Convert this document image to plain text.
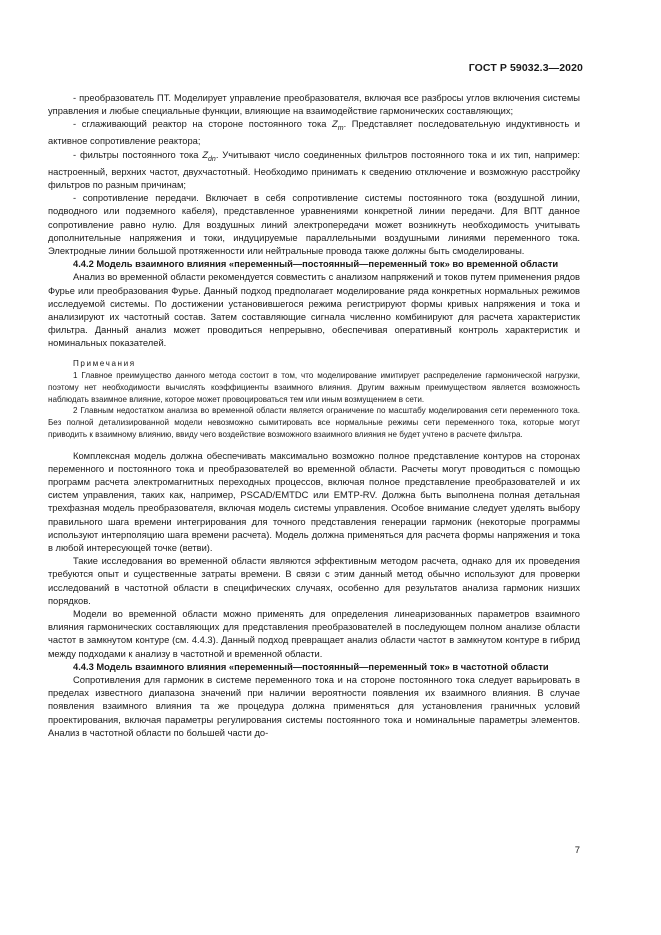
ГОСТ Р 59032.3—2020

- преобразователь ПТ. Моделирует управление преобразователя, включая все разбросы углов включения системы управления и любые специальные функции, влияющие на взаимодействие гармонических составляющих;

- сглаживающий реактор на стороне постоянного тока $Z_m$. Представляет последовательную индуктивность и активное сопротивление реактора;

- фильтры постоянного тока $Z_{dn}$. Учитывают число соединенных фильтров постоянного тока и их тип, например: настроенный, верхних частот, двухчастотный. Необходимо принимать к сведению отключение и возможную расстройку фильтров по разным причинам;

- сопротивление передачи. Включает в себя сопротивление системы постоянного тока (воздушной линии, подводного или подземного кабеля), представленное уравнениями конкретной линии передачи. Для ВПТ данное сопротивление равно нулю. Для воздушных линий электропередачи может возникнуть необходимость учитывать дополнительные напряжения и токи, индуцируемые параллельными воздушными линиями переменного тока. Электродные линии большой протяженности или нейтральные провода также должны быть смоделированы.

4.4.2 Модель взаимного влияния «переменный—постоянный—переменный ток» во временной области

Анализ во временной области рекомендуется совместить с анализом напряжений и токов путем применения рядов Фурье или преобразования Фурье. Данный подход предполагает моделирование ряда конкретных нормальных режимов исследуемой системы. По достижении установившегося режима регистрируют формы кривых напряжения и тока и анализируют их частотный состав. Затем составляющие сигнала численно комбинируют для расчета характеристик фильтра. Данный анализ может проводиться непрерывно, обеспечивая оперативный контроль характеристик и номинальных показателей.

Примечания

1 Главное преимущество данного метода состоит в том, что моделирование имитирует распределение гармонической нагрузки, поэтому нет необходимости вычислять коэффициенты взаимного влияния. Другим важным преимуществом является возможность наблюдать взаимное влияние, которое может провоцироваться тем или иным возмущением в сети.

2 Главным недостатком анализа во временной области является ограничение по масштабу моделирования сети переменного тока. Без полной детализированной модели невозможно сымитировать все нормальные режимы сети переменного тока, которые могут приводить к взаимному влиянию, ввиду чего воздействие возможного взаимного влияния не будет учтено в расчете фильтра.

Комплексная модель должна обеспечивать максимально возможно полное представление контуров на сторонах переменного и постоянного тока и преобразователей во временной области. Расчеты могут проводиться с помощью программ расчета электромагнитных переходных процессов, включая полное представление преобразователей и их систем управления, таких как, например, PSCAD/EMTDC или EMTP-RV. Должна быть выполнена полная детальная трехфазная модель преобразователя, включая модель системы управления. Особое внимание следует уделять выбору правильного шага времени интегрирования для точного представления генерации гармоник (некоторые программы используют интерполяцию шага времени расчета). Модель должна применяться для расчета формы напряжения и тока в любой интересующей точке (ветви).

Такие исследования во временной области являются эффективным методом расчета, однако для их проведения требуются опыт и существенные затраты времени. В связи с этим данный метод обычно используют для проверки исследований в частотной области в специфических случаях, особенно для результатов анализа гармоник низших порядков.

Модели во временной области можно применять для определения линеаризованных параметров взаимного влияния гармонических составляющих для представления преобразователей в последующем полном анализе области частот в замкнутом контуре (см. 4.4.3). Данный подход превращает анализ области частот в замкнутом контуре в гибрид между подходами к анализу в частотной и временной области.

4.4.3 Модель взаимного влияния «переменный—постоянный—переменный ток» в частотной области

Сопротивления для гармоник в системе переменного тока и на стороне постоянного тока следует варьировать в пределах известного диапазона значений при наличии вероятности появления их взаимного влияния. В случае появления взаимного влияния та же процедура должна применяться для установления граничных условий проектирования, включая параметры регулирования системы постоянного тока и номинальные параметры элементов. Анализ в частотной области по большей части до-

7
